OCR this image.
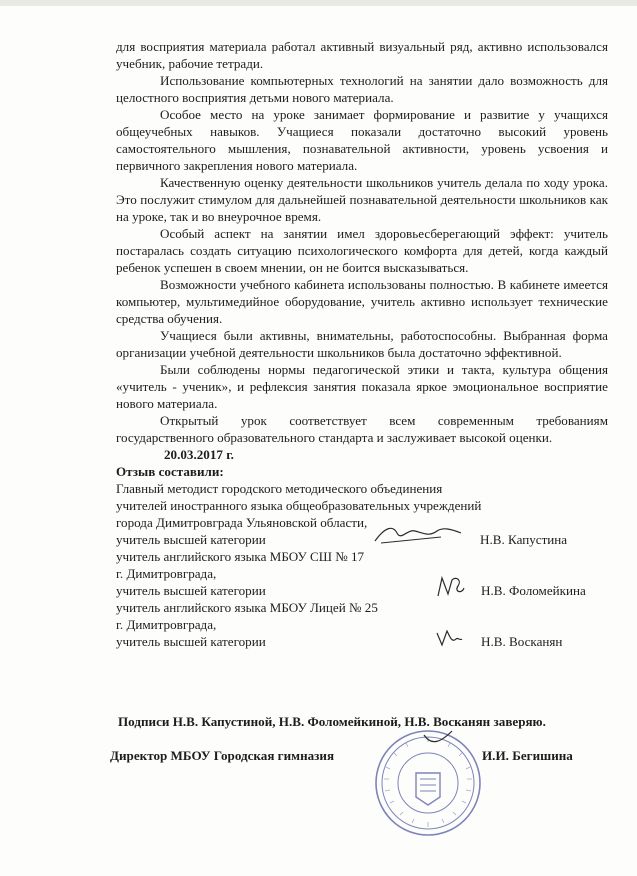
для восприятия материала работал активный визуальный ряд, активно использовался учебник, рабочие тетради.

Использование компьютерных технологий на занятии дало возможность для целостного восприятия детьми нового материала.

Особое место на уроке занимает формирование и развитие у учащихся общеучебных навыков. Учащиеся показали достаточно высокий уровень самостоятельного мышления, познавательной активности, уровень усвоения и первичного закрепления нового материала.

Качественную оценку деятельности школьников учитель делала по ходу урока. Это послужит стимулом для дальнейшей познавательной деятельности школьников как на уроке, так и во внеурочное время.

Особый аспект на занятии имел здоровьесберегающий эффект: учитель постаралась создать ситуацию психологического комфорта для детей, когда каждый ребенок успешен в своем мнении, он не боится высказываться.

Возможности учебного кабинета использованы полностью. В кабинете имеется компьютер, мультимедийное оборудование, учитель активно использует технические средства обучения.

Учащиеся были активны, внимательны, работоспособны. Выбранная форма организации учебной деятельности школьников была достаточно эффективной.

Были соблюдены нормы педагогической этики и такта, культура общения «учитель - ученик», и рефлексия занятия показала яркое эмоциональное восприятие нового материала.

Открытый урок соответствует всем современным требованиям государственного образовательного стандарта и заслуживает высокой оценки.

20.03.2017 г.

Отзыв составили:

Главный методист городского методического объединения

учителей иностранного языка общеобразовательных учреждений

города Димитровграда Ульяновской области,

учитель высшей категории	Н.В. Капустина

учитель английского языка МБОУ СШ № 17

г. Димитровграда,

учитель высшей категории	Н.В. Фоломейкина

учитель английского языка МБОУ Лицей № 25

г. Димитровграда,

учитель высшей категории	Н.В. Восканян
Подписи Н.В. Капустиной, Н.В. Фоломейкиной, Н.В. Восканян заверяю.
Директор МБОУ Городская гимназия	И.И. Бегишина
